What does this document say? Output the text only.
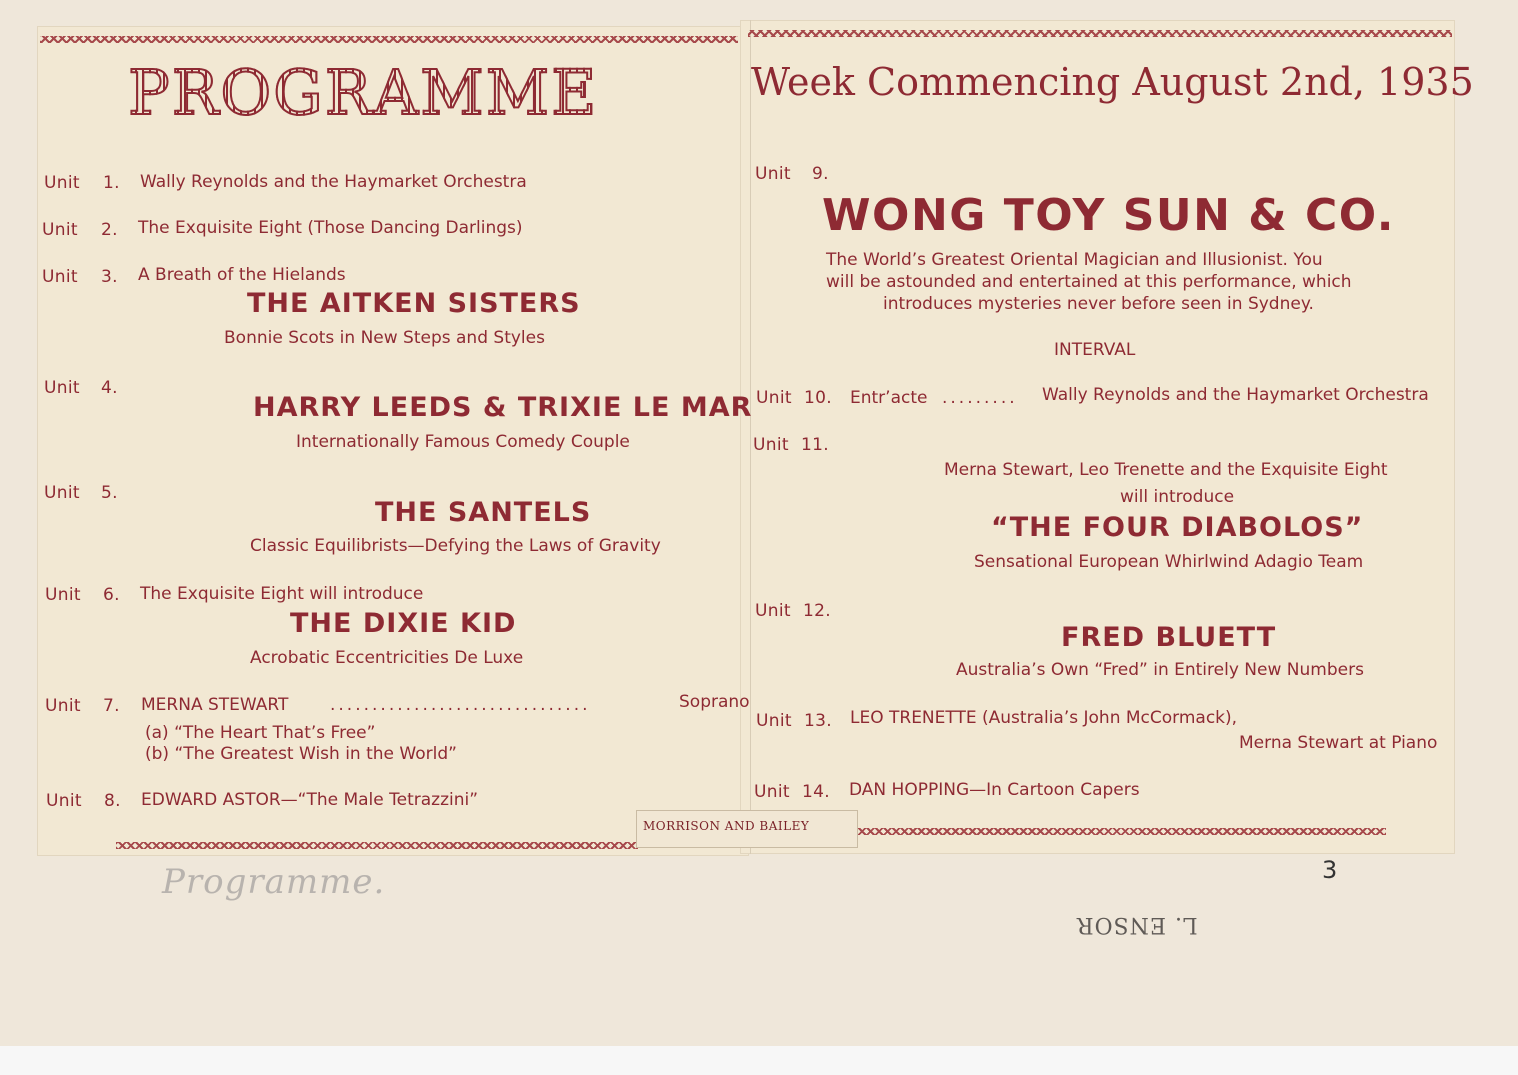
PROGRAMME
Unit 1. Wally Reynolds and the Haymarket Orchestra
Unit 2. The Exquisite Eight (Those Dancing Darlings)
Unit 3. A Breath of the Hielands
THE AITKEN SISTERS
Bonnie Scots in New Steps and Styles
Unit 4.
HARRY LEEDS & TRIXIE LE MAR
Internationally Famous Comedy Couple
Unit 5.
THE SANTELS
Classic Equilibrists—Defying the Laws of Gravity
Unit 6. The Exquisite Eight will introduce
THE DIXIE KID
Acrobatic Eccentricities De Luxe
Unit 7. MERNA STEWART ...............................	Soprano
(a) “The Heart That’s Free”
(b) “The Greatest Wish in the World”
Unit 8. EDWARD ASTOR—“The Male Tetrazzini”
Week Commencing August 2nd, 1935
Unit 9.
WONG TOY SUN & CO.
The World’s Greatest Oriental Magician and Illusionist. You
will be astounded and entertained at this performance, which
introduces mysteries never before seen in Sydney.
INTERVAL
Unit 10. Entr’acte ......... Wally Reynolds and the Haymarket Orchestra
Unit 11.
Merna Stewart, Leo Trenette and the Exquisite Eight
will introduce
“THE FOUR DIABOLOS”
Sensational European Whirlwind Adagio Team
Unit 12.
FRED BLUETT
Australia’s Own “Fred” in Entirely New Numbers
Unit 13. LEO TRENETTE (Australia’s John McCormack),
Merna Stewart at Piano
Unit 14. DAN HOPPING—In Cartoon Capers
MORRISON AND BAILEY
Programme.	3
L. ENSOR
